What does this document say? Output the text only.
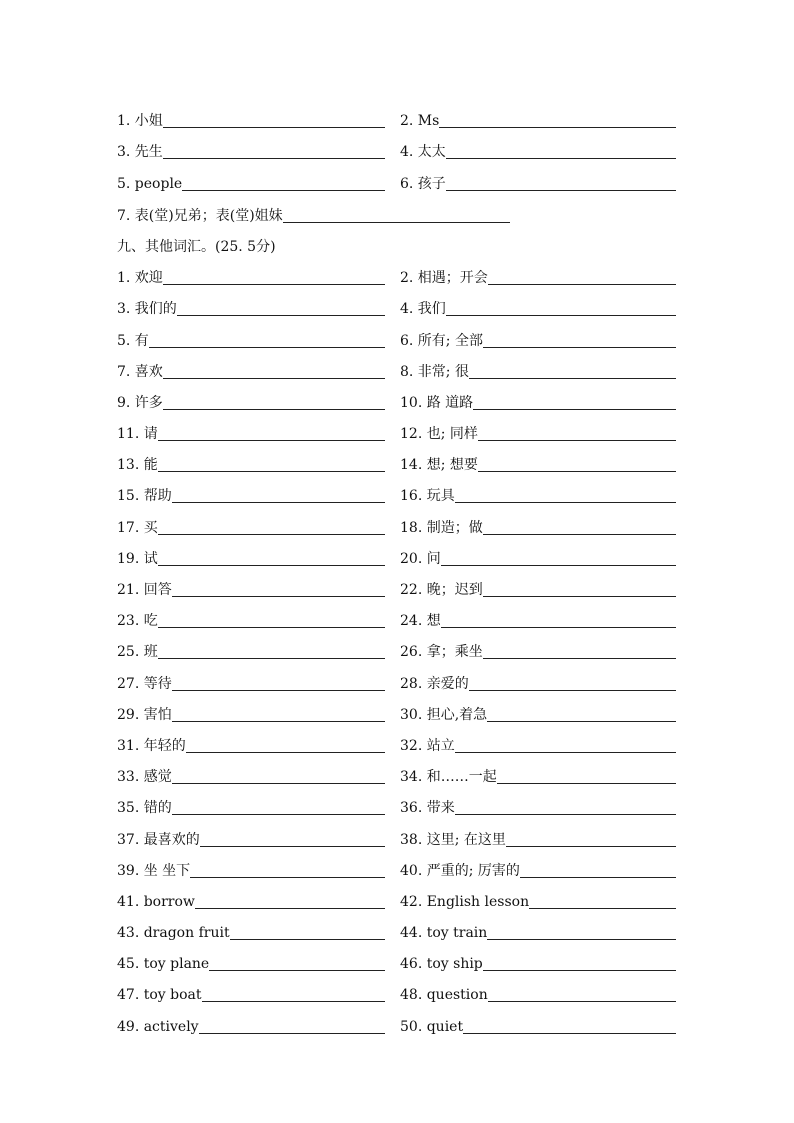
1. 小姐	2. Ms
3. 先生	4. 太太
5. people	6. 孩子
7. 表(堂)兄弟；表(堂)姐妹
九、其他词汇。(25. 5分)
1. 欢迎	2. 相遇；开会
3. 我们的	4. 我们
5. 有	6. 所有; 全部
7. 喜欢	8. 非常; 很
9. 许多	10. 路 道路
11. 请	12. 也; 同样
13. 能	14. 想; 想要
15. 帮助	16. 玩具
17. 买	18. 制造；做
19. 试	20. 问
21. 回答	22. 晚；迟到
23. 吃	24. 想
25. 班	26. 拿；乘坐
27. 等待	28. 亲爱的
29. 害怕	30. 担心,着急
31. 年轻的	32. 站立
33. 感觉	34. 和……一起
35. 错的	36. 带来
37. 最喜欢的	38. 这里; 在这里
39. 坐 坐下	40. 严重的; 厉害的
41. borrow	42. English lesson
43. dragon fruit	44. toy train
45. toy plane	46. toy ship
47. toy boat	48. question
49. actively	50. quiet
